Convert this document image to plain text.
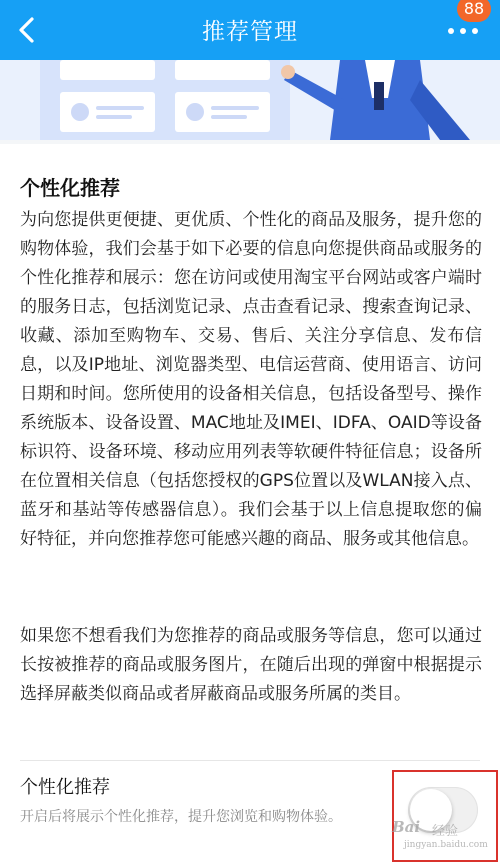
推荐管理
88
个性化推荐
为向您提供更便捷、更优质、个性化的商品及服务，提升您的购物体验，我们会基于如下必要的信息向您提供商品或服务的个性化推荐和展示：您在访问或使用淘宝平台网站或客户端时的服务日志，包括浏览记录、点击查看记录、搜索查询记录、收藏、添加至购物车、交易、售后、关注分享信息、发布信息，以及IP地址、浏览器类型、电信运营商、使用语言、访问日期和时间。您所使用的设备相关信息，包括设备型号、操作系统版本、设备设置、MAC地址及IMEI、IDFA、OAID等设备标识符、设备环境、移动应用列表等软硬件特征信息；设备所在位置相关信息（包括您授权的GPS位置以及WLAN接入点、蓝牙和基站等传感器信息）。我们会基于以上信息提取您的偏好特征，并向您推荐您可能感兴趣的商品、服务或其他信息。
如果您不想看我们为您推荐的商品或服务等信息，您可以通过长按被推荐的商品或服务图片，在随后出现的弹窗中根据提示选择屏蔽类似商品或者屏蔽商品或服务所属的类目。
个性化推荐
开启后将展示个性化推荐，提升您浏览和购物体验。
Bai 经验
jingyan.baidu.com
